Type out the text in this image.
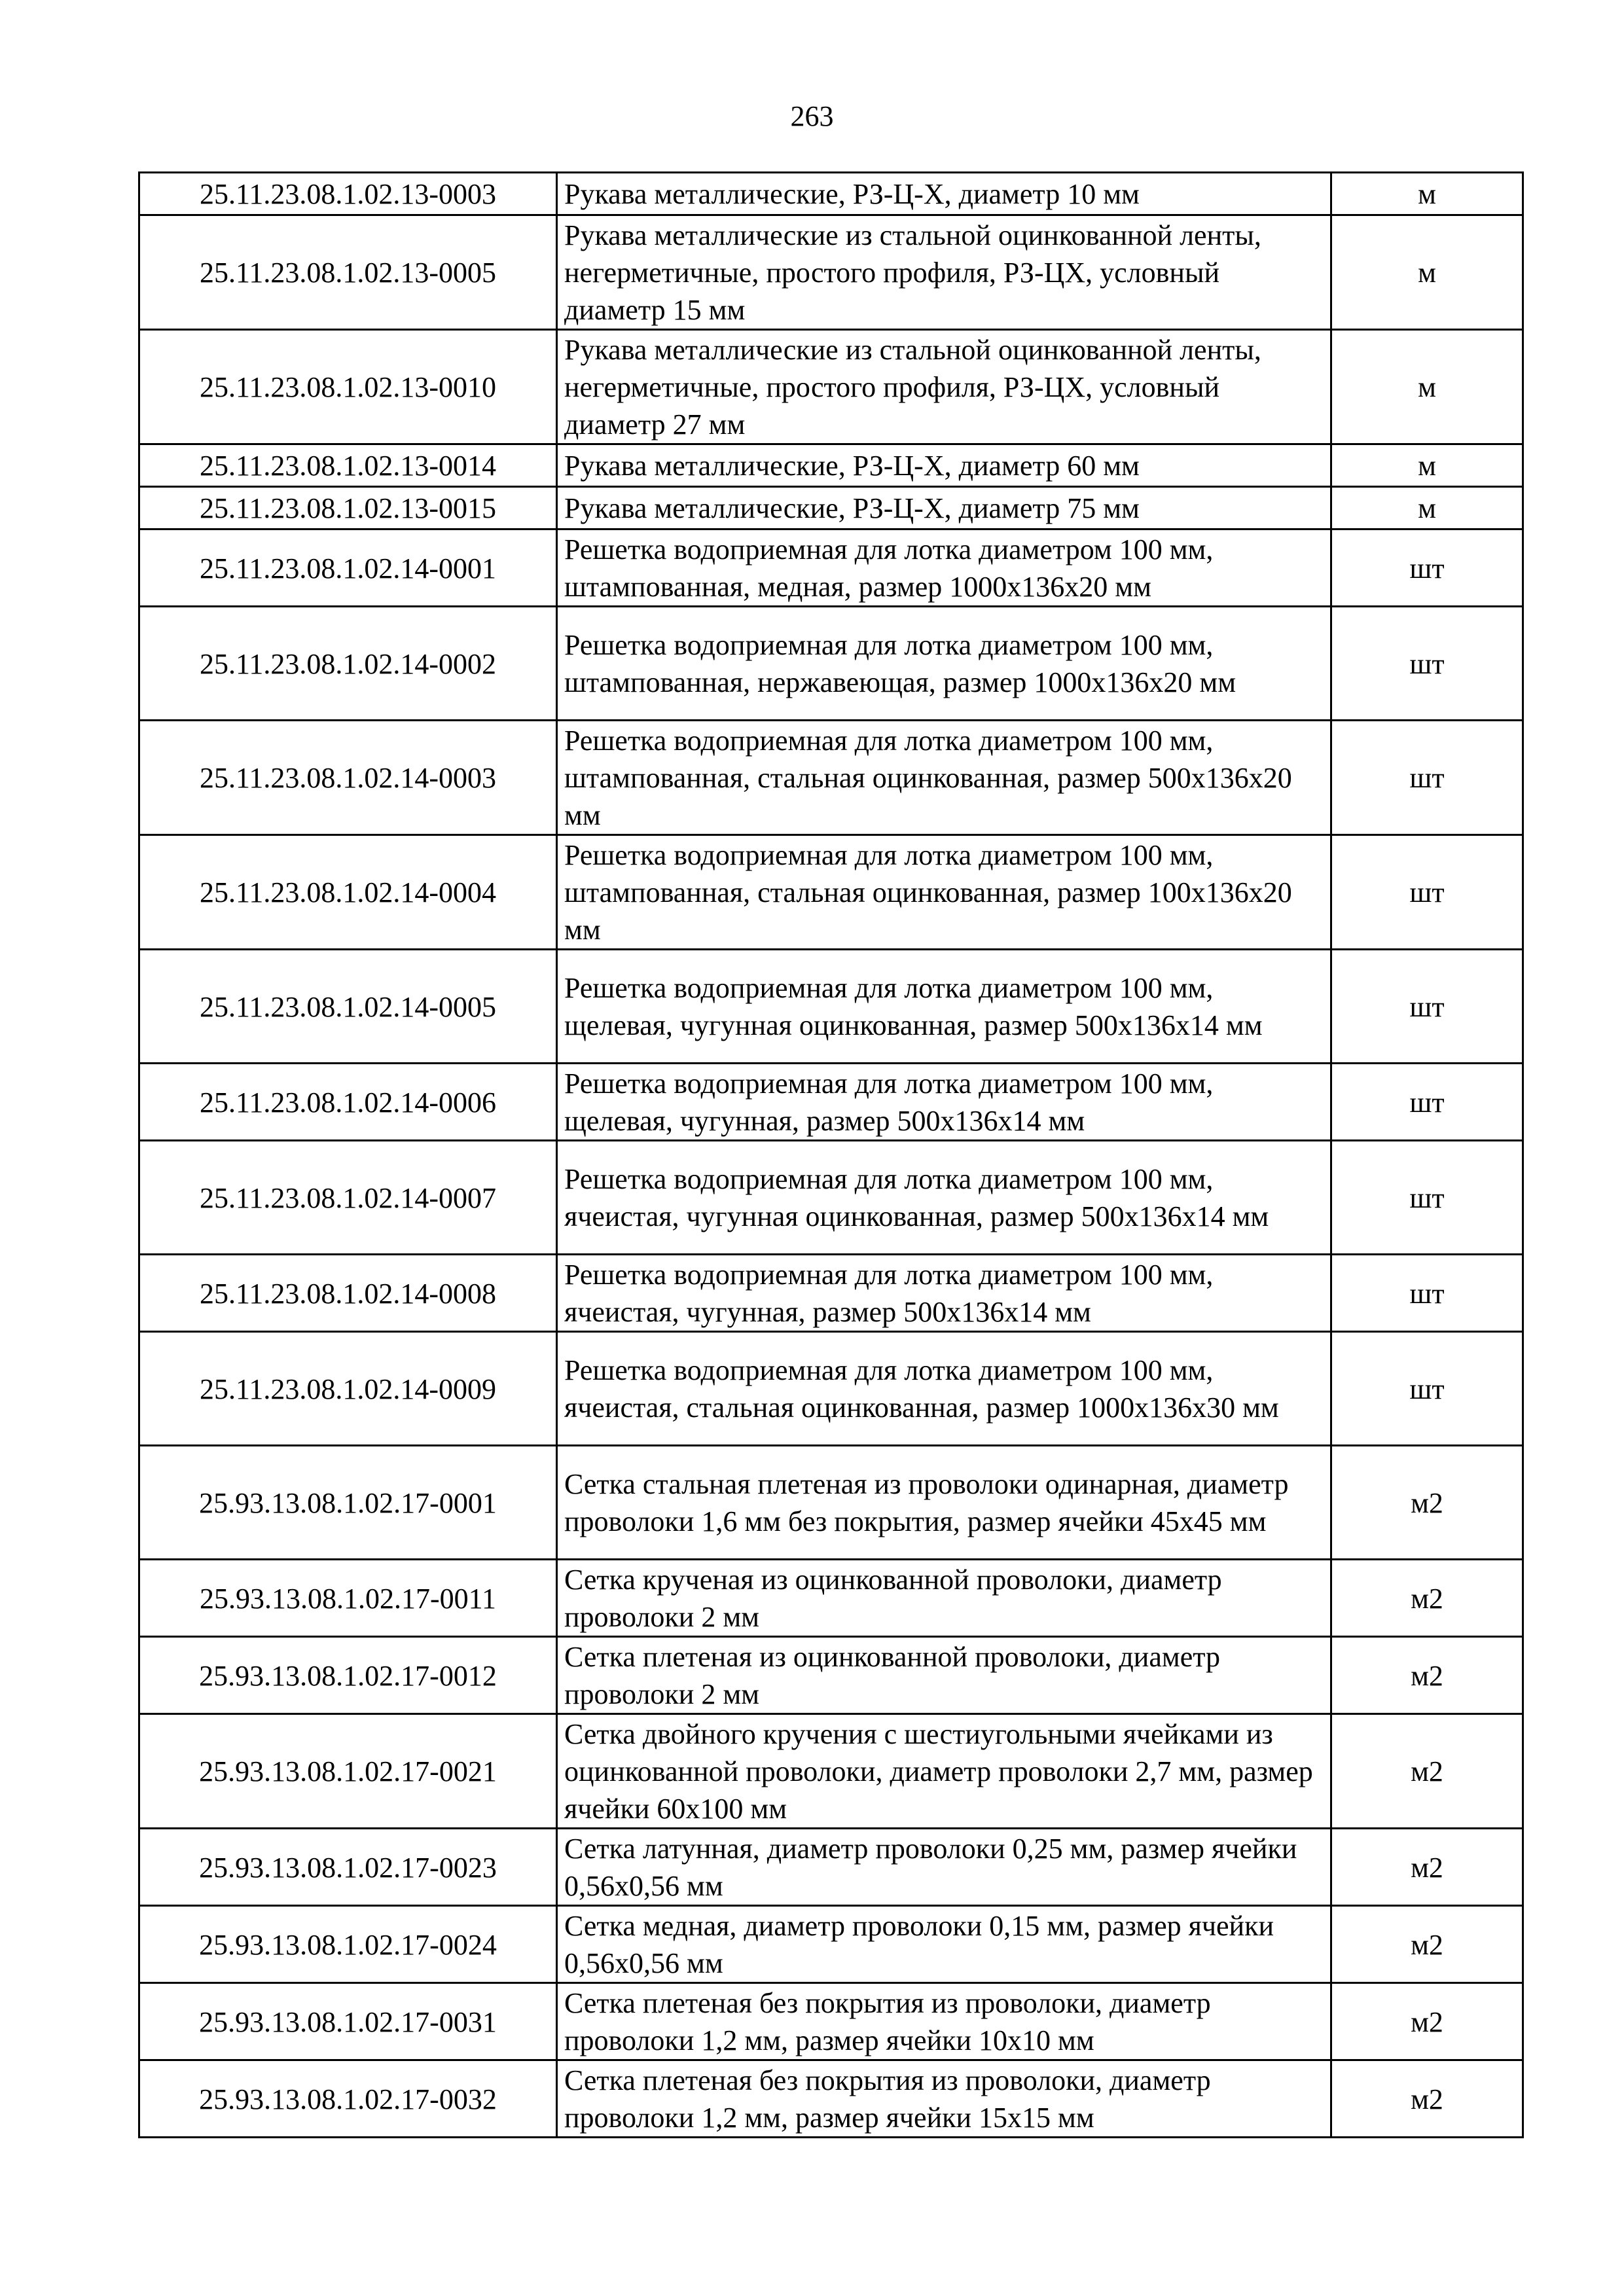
263
25.11.23.08.1.02.13-0003	Рукава металлические, РЗ-Ц-Х, диаметр 10 мм	м
25.11.23.08.1.02.13-0005	Рукава металлические из стальной оцинкованной ленты, негерметичные, простого профиля, РЗ-ЦХ, условный диаметр 15 мм	м
25.11.23.08.1.02.13-0010	Рукава металлические из стальной оцинкованной ленты, негерметичные, простого профиля, РЗ-ЦХ, условный диаметр 27 мм	м
25.11.23.08.1.02.13-0014	Рукава металлические, РЗ-Ц-Х, диаметр 60 мм	м
25.11.23.08.1.02.13-0015	Рукава металлические, РЗ-Ц-Х, диаметр 75 мм	м
25.11.23.08.1.02.14-0001	Решетка водоприемная для лотка диаметром 100 мм, штампованная, медная, размер 1000х136х20 мм	шт
25.11.23.08.1.02.14-0002	Решетка водоприемная для лотка диаметром 100 мм, штампованная, нержавеющая, размер 1000х136х20 мм	шт
25.11.23.08.1.02.14-0003	Решетка водоприемная для лотка диаметром 100 мм, штампованная, стальная оцинкованная, размер 500х136х20 мм	шт
25.11.23.08.1.02.14-0004	Решетка водоприемная для лотка диаметром 100 мм, штампованная, стальная оцинкованная, размер 100х136х20 мм	шт
25.11.23.08.1.02.14-0005	Решетка водоприемная для лотка диаметром 100 мм, щелевая, чугунная оцинкованная, размер 500х136х14 мм	шт
25.11.23.08.1.02.14-0006	Решетка водоприемная для лотка диаметром 100 мм, щелевая, чугунная, размер 500х136х14 мм	шт
25.11.23.08.1.02.14-0007	Решетка водоприемная для лотка диаметром 100 мм, ячеистая, чугунная оцинкованная, размер 500х136х14 мм	шт
25.11.23.08.1.02.14-0008	Решетка водоприемная для лотка диаметром 100 мм, ячеистая, чугунная, размер 500х136х14 мм	шт
25.11.23.08.1.02.14-0009	Решетка водоприемная для лотка диаметром 100 мм, ячеистая, стальная оцинкованная, размер 1000х136х30 мм	шт
25.93.13.08.1.02.17-0001	Сетка стальная плетеная из проволоки одинарная, диаметр проволоки 1,6 мм без покрытия, размер ячейки 45х45 мм	м2
25.93.13.08.1.02.17-0011	Сетка крученая из оцинкованной проволоки, диаметр проволоки 2 мм	м2
25.93.13.08.1.02.17-0012	Сетка плетеная из оцинкованной проволоки, диаметр проволоки 2 мм	м2
25.93.13.08.1.02.17-0021	Сетка двойного кручения с шестиугольными ячейками из оцинкованной проволоки, диаметр проволоки 2,7 мм, размер ячейки 60х100 мм	м2
25.93.13.08.1.02.17-0023	Сетка латунная, диаметр проволоки 0,25 мм, размер ячейки 0,56х0,56 мм	м2
25.93.13.08.1.02.17-0024	Сетка медная, диаметр проволоки 0,15 мм, размер ячейки 0,56х0,56 мм	м2
25.93.13.08.1.02.17-0031	Сетка плетеная без покрытия из проволоки, диаметр проволоки 1,2 мм, размер ячейки 10х10 мм	м2
25.93.13.08.1.02.17-0032	Сетка плетеная без покрытия из проволоки, диаметр проволоки 1,2 мм, размер ячейки 15х15 мм	м2
